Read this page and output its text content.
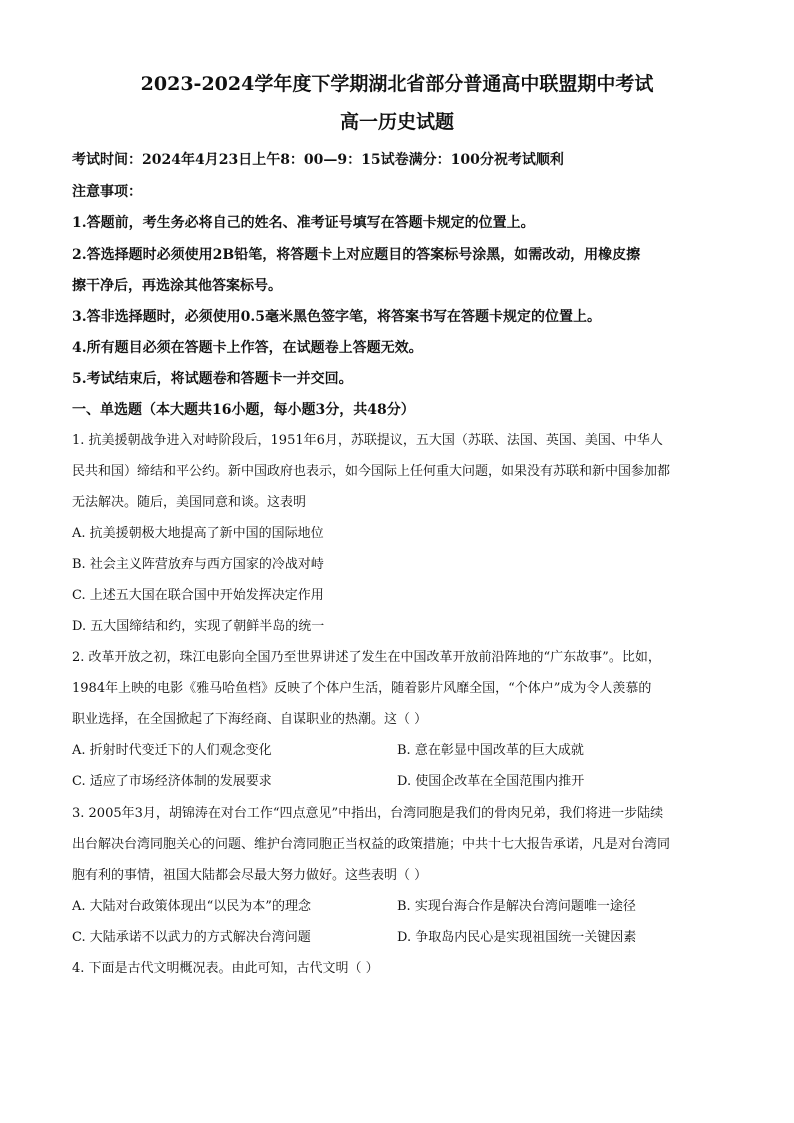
2023-2024学年度下学期湖北省部分普通高中联盟期中考试
高一历史试题
考试时间：2024年4月23日上午8：00—9：15试卷满分：100分祝考试顺利
注意事项：
1.答题前，考生务必将自己的姓名、准考证号填写在答题卡规定的位置上。
2.答选择题时必须使用2B铅笔，将答题卡上对应题目的答案标号涂黑，如需改动，用橡皮擦
擦干净后，再选涂其他答案标号。
3.答非选择题时，必须使用0.5毫米黑色签字笔，将答案书写在答题卡规定的位置上。
4.所有题目必须在答题卡上作答，在试题卷上答题无效。
5.考试结束后，将试题卷和答题卡一并交回。
一、单选题（本大题共16小题，每小题3分，共48分）
1. 抗美援朝战争进入对峙阶段后，1951年6月，苏联提议，五大国（苏联、法国、英国、美国、中华人
民共和国）缔结和平公约。新中国政府也表示，如今国际上任何重大问题，如果没有苏联和新中国参加都
无法解决。随后，美国同意和谈。这表明
A. 抗美援朝极大地提高了新中国的国际地位
B. 社会主义阵营放弃与西方国家的冷战对峙
C. 上述五大国在联合国中开始发挥决定作用
D. 五大国缔结和约，实现了朝鲜半岛的统一
2. 改革开放之初，珠江电影向全国乃至世界讲述了发生在中国改革开放前沿阵地的“广东故事”。比如，
1984年上映的电影《雅马哈鱼档》反映了个体户生活，随着影片风靡全国，“个体户”成为令人羡慕的
职业选择，在全国掀起了下海经商、自谋职业的热潮。这（ ）
A. 折射时代变迁下的人们观念变化	B. 意在彰显中国改革的巨大成就
C. 适应了市场经济体制的发展要求	D. 使国企改革在全国范围内推开
3. 2005年3月，胡锦涛在对台工作“四点意见”中指出，台湾同胞是我们的骨肉兄弟，我们将进一步陆续
出台解决台湾同胞关心的问题、维护台湾同胞正当权益的政策措施；中共十七大报告承诺，凡是对台湾同
胞有利的事情，祖国大陆都会尽最大努力做好。这些表明（ ）
A. 大陆对台政策体现出“以民为本”的理念	B. 实现台海合作是解决台湾问题唯一途径
C. 大陆承诺不以武力的方式解决台湾问题	D. 争取岛内民心是实现祖国统一关键因素
4. 下面是古代文明概况表。由此可知，古代文明（ ）
